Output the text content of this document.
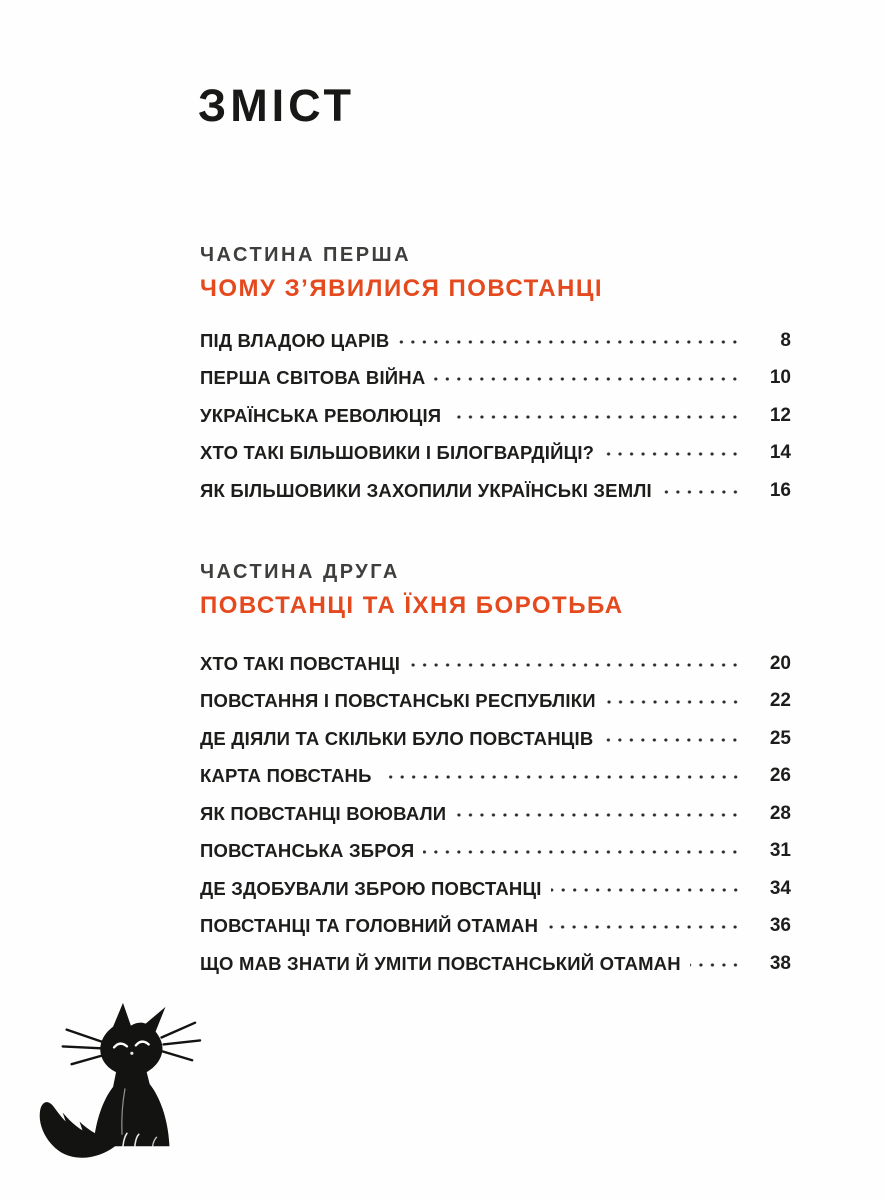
ЗМІСТ
ЧАСТИНА ПЕРША
ЧОМУ З’ЯВИЛИСЯ ПОВСТАНЦІ
ПІД ВЛАДОЮ ЦАРІВ	8
ПЕРША СВІТОВА ВІЙНА	10
УКРАЇНСЬКА РЕВОЛЮЦІЯ	12
ХТО ТАКІ БІЛЬШОВИКИ І БІЛОГВАРДІЙЦІ?	14
ЯК БІЛЬШОВИКИ ЗАХОПИЛИ УКРАЇНСЬКІ ЗЕМЛІ	16
ЧАСТИНА ДРУГА
ПОВСТАНЦІ ТА ЇХНЯ БОРОТЬБА
ХТО ТАКІ ПОВСТАНЦІ	20
ПОВСТАННЯ І ПОВСТАНСЬКІ РЕСПУБЛІКИ	22
ДЕ ДІЯЛИ ТА СКІЛЬКИ БУЛО ПОВСТАНЦІВ	25
КАРТА ПОВСТАНЬ	26
ЯК ПОВСТАНЦІ ВОЮВАЛИ	28
ПОВСТАНСЬКА ЗБРОЯ	31
ДЕ ЗДОБУВАЛИ ЗБРОЮ ПОВСТАНЦІ	34
ПОВСТАНЦІ ТА ГОЛОВНИЙ ОТАМАН	36
ЩО МАВ ЗНАТИ Й УМІТИ ПОВСТАНСЬКИЙ ОТАМАН	38
